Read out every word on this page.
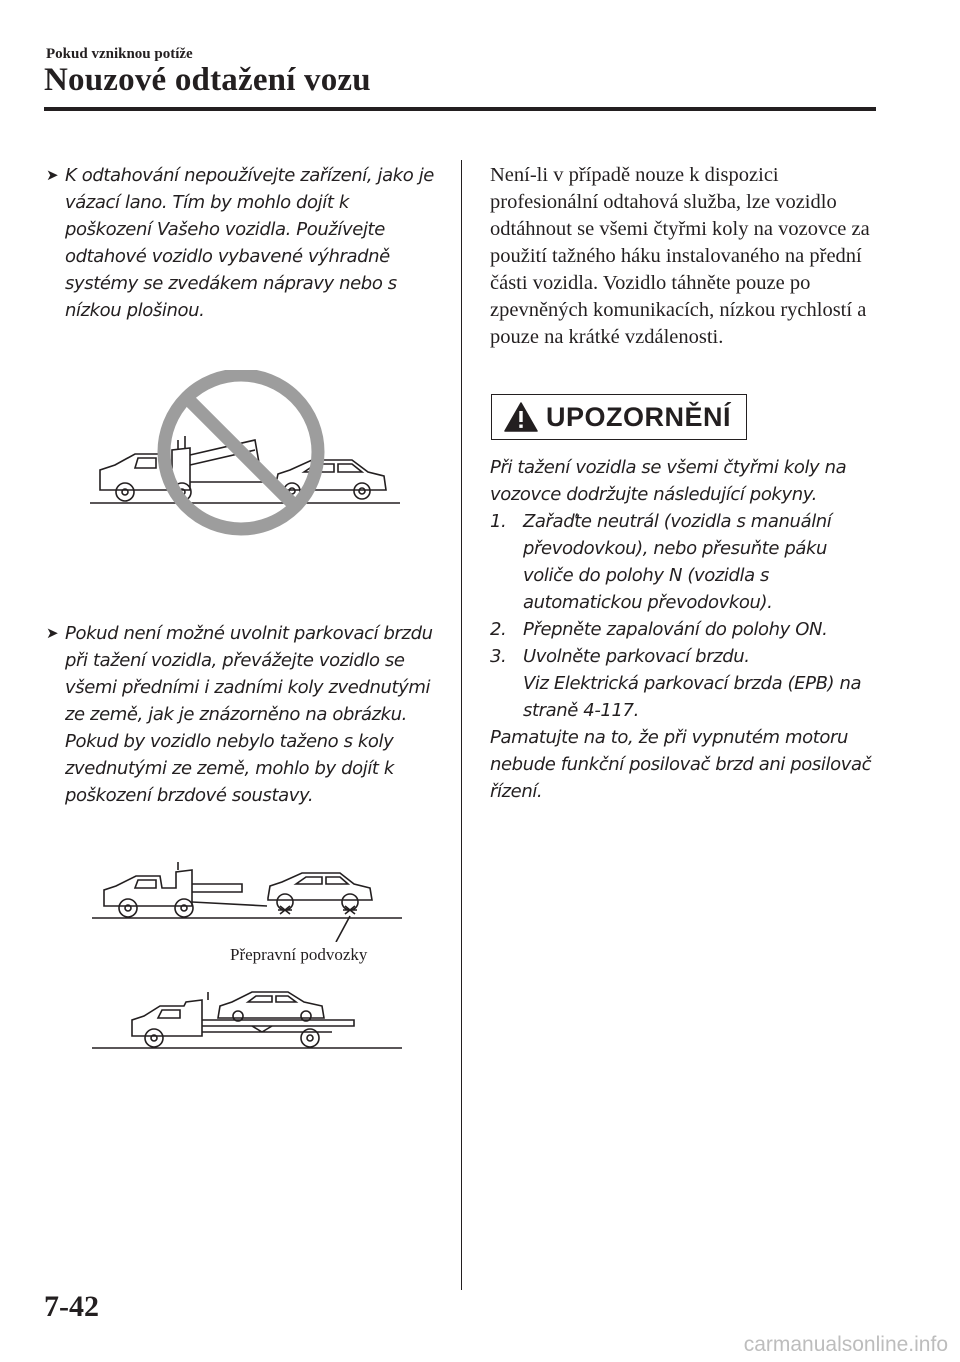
Pokud vzniknou potíže
Nouzové odtažení vozu
➤ K odtahování nepoužívejte zařízení, jako je vázací lano. Tím by mohlo dojít k poškození Vašeho vozidla. Používejte odtahové vozidlo vybavené výhradně systémy se zvedákem nápravy nebo s nízkou plošinou.
➤ Pokud není možné uvolnit parkovací brzdu při tažení vozidla, převážejte vozidlo se všemi předními i zadními koly zvednutými ze země, jak je znázorněno na obrázku. Pokud by vozidlo nebylo taženo s koly zvednutými ze země, mohlo by dojít k poškození brzdové soustavy.
Přepravní podvozky
Není-li v případě nouze k dispozici profesionální odtahová služba, lze vozidlo odtáhnout se všemi čtyřmi koly na vozovce za použití tažného háku instalovaného na přední části vozidla. Vozidlo táhněte pouze po zpevněných komunikacích, nízkou rychlostí a pouze na krátké vzdálenosti.
UPOZORNĚNÍ
Při tažení vozidla se všemi čtyřmi koly na vozovce dodržujte následující pokyny.
1. Zařaďte neutrál (vozidla s manuální převodovkou), nebo přesuňte páku voliče do polohy N (vozidla s automatickou převodovkou).
2. Přepněte zapalování do polohy ON.
3. Uvolněte parkovací brzdu.
Viz Elektrická parkovací brzda (EPB) na straně 4-117.
Pamatujte na to, že při vypnutém motoru nebude funkční posilovač brzd ani posilovač řízení.
7-42
carmanualsonline.info
